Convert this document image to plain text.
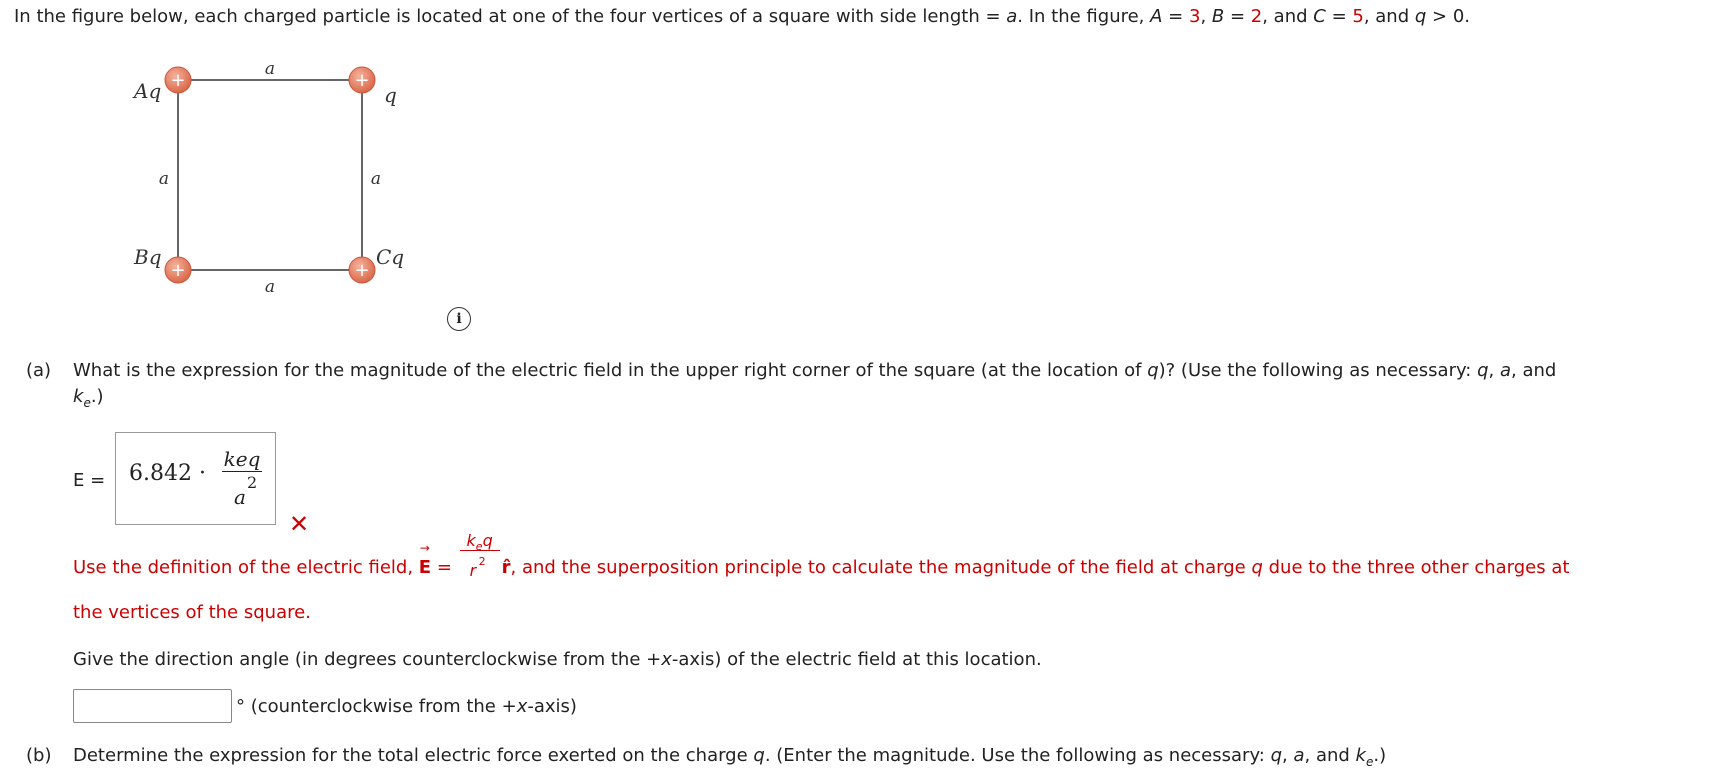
In the figure below, each charged particle is located at one of the four vertices of a square with side length = a. In the figure, A = 3, B = 2, and C = 5, and q > 0.
+	+
+	+
a
a
a	a
Aq	q
Bq	Cq
i
(a) What is the expression for the magnitude of the electric field in the upper right corner of the square (at the location of q)? (Use the following as necessary: q, a, and
$k_e$.)
E = 6.842 ·
keq
a
2
✕
Use the definition of the electric field,
→
E =
$k_eq$
r 2 r̂, and the superposition principle to calculate the magnitude of the field at charge q due to the three other charges at
the vertices of the square.
Give the direction angle (in degrees counterclockwise from the +x-axis) of the electric field at this location.
° (counterclockwise from the +x-axis)
(b) Determine the expression for the total electric force exerted on the charge q. (Enter the magnitude. Use the following as necessary: q, a, and $k_e$.)
